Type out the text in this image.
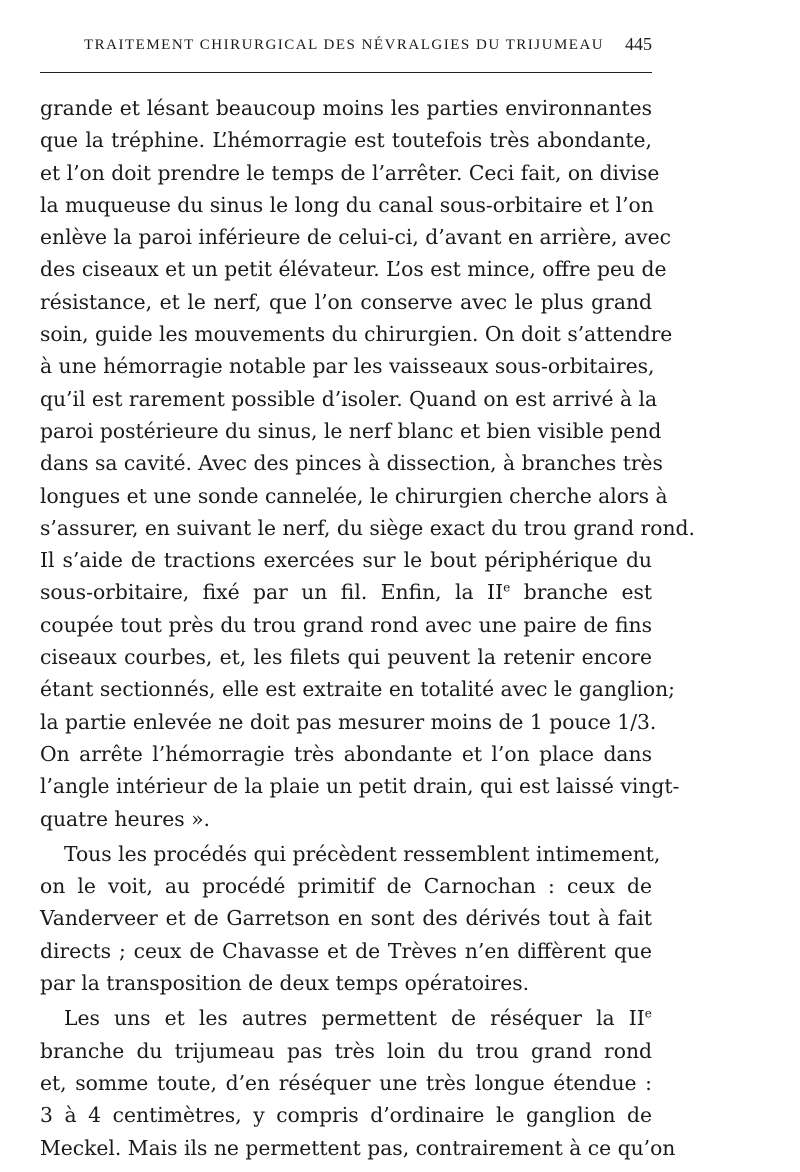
TRAITEMENT CHIRURGICAL DES NÉVRALGIES DU TRIJUMEAU 445

grande et lésant beaucoup moins les parties environnantes
que la tréphine. L’hémorragie est toutefois très abondante,
et l’on doit prendre le temps de l’arrêter. Ceci fait, on divise
la muqueuse du sinus le long du canal sous-orbitaire et l’on
enlève la paroi inférieure de celui-ci, d’avant en arrière, avec
des ciseaux et un petit élévateur. L’os est mince, offre peu de
résistance, et le nerf, que l’on conserve avec le plus grand
soin, guide les mouvements du chirurgien. On doit s’attendre
à une hémorragie notable par les vaisseaux sous-orbitaires,
qu’il est rarement possible d’isoler. Quand on est arrivé à la
paroi postérieure du sinus, le nerf blanc et bien visible pend
dans sa cavité. Avec des pinces à dissection, à branches très
longues et une sonde cannelée, le chirurgien cherche alors à
s’assurer, en suivant le nerf, du siège exact du trou grand rond.
Il s’aide de tractions exercées sur le bout périphérique du
sous-orbitaire, fixé par un fil. Enfin, la IIe branche est
coupée tout près du trou grand rond avec une paire de fins
ciseaux courbes, et, les filets qui peuvent la retenir encore
étant sectionnés, elle est extraite en totalité avec le ganglion;
la partie enlevée ne doit pas mesurer moins de 1 pouce 1/3.
On arrête l’hémorragie très abondante et l’on place dans
l’angle intérieur de la plaie un petit drain, qui est laissé vingt-
quatre heures ».

Tous les procédés qui précèdent ressemblent intimement,
on le voit, au procédé primitif de Carnochan : ceux de
Vanderveer et de Garretson en sont des dérivés tout à fait
directs ; ceux de Chavasse et de Trèves n’en diffèrent que
par la transposition de deux temps opératoires.

Les uns et les autres permettent de réséquer la IIe
branche du trijumeau pas très loin du trou grand rond
et, somme toute, d’en réséquer une très longue étendue :
3 à 4 centimètres, y compris d’ordinaire le ganglion de
Meckel. Mais ils ne permettent pas, contrairement à ce qu’on
